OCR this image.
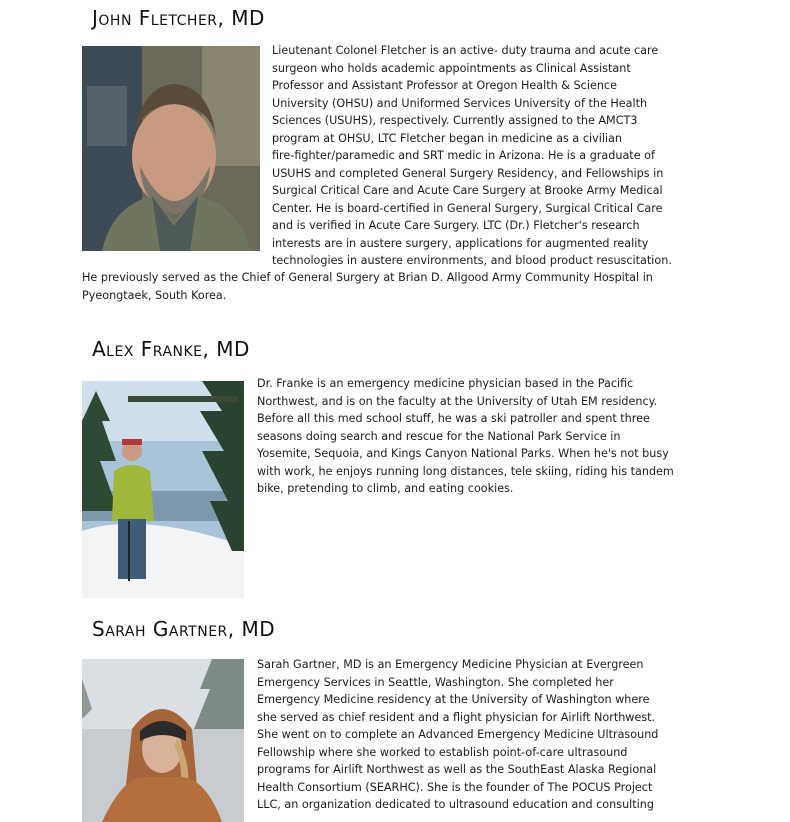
John Fletcher, MD
Lieutenant Colonel Fletcher is an active- duty trauma and acute care
surgeon who holds academic appointments as Clinical Assistant
Professor and Assistant Professor at Oregon Health & Science
University (OHSU) and Uniformed Services University of the Health
Sciences (USUHS), respectively. Currently assigned to the AMCT3
program at OHSU, LTC Fletcher began in medicine as a civilian
fire-fighter/paramedic and SRT medic in Arizona. He is a graduate of
USUHS and completed General Surgery Residency, and Fellowships in
Surgical Critical Care and Acute Care Surgery at Brooke Army Medical
Center. He is board-certified in General Surgery, Surgical Critical Care
and is verified in Acute Care Surgery. LTC (Dr.) Fletcher's research
interests are in austere surgery, applications for augmented reality
technologies in austere environments, and blood product resuscitation.
He previously served as the Chief of General Surgery at Brian D. Allgood Army Community Hospital in
Pyeongtaek, South Korea.
Alex Franke, MD
Dr. Franke is an emergency medicine physician based in the Pacific
Northwest, and is on the faculty at the University of Utah EM residency.
Before all this med school stuff, he was a ski patroller and spent three
seasons doing search and rescue for the National Park Service in
Yosemite, Sequoia, and Kings Canyon National Parks. When he's not busy
with work, he enjoys running long distances, tele skiing, riding his tandem
bike, pretending to climb, and eating cookies.
Sarah Gartner, MD
Sarah Gartner, MD is an Emergency Medicine Physician at Evergreen
Emergency Services in Seattle, Washington. She completed her
Emergency Medicine residency at the University of Washington where
she served as chief resident and a flight physician for Airlift Northwest.
She went on to complete an Advanced Emergency Medicine Ultrasound
Fellowship where she worked to establish point-of-care ultrasound
programs for Airlift Northwest as well as the SouthEast Alaska Regional
Health Consortium (SEARHC). She is the founder of The POCUS Project
LLC, an organization dedicated to ultrasound education and consulting
